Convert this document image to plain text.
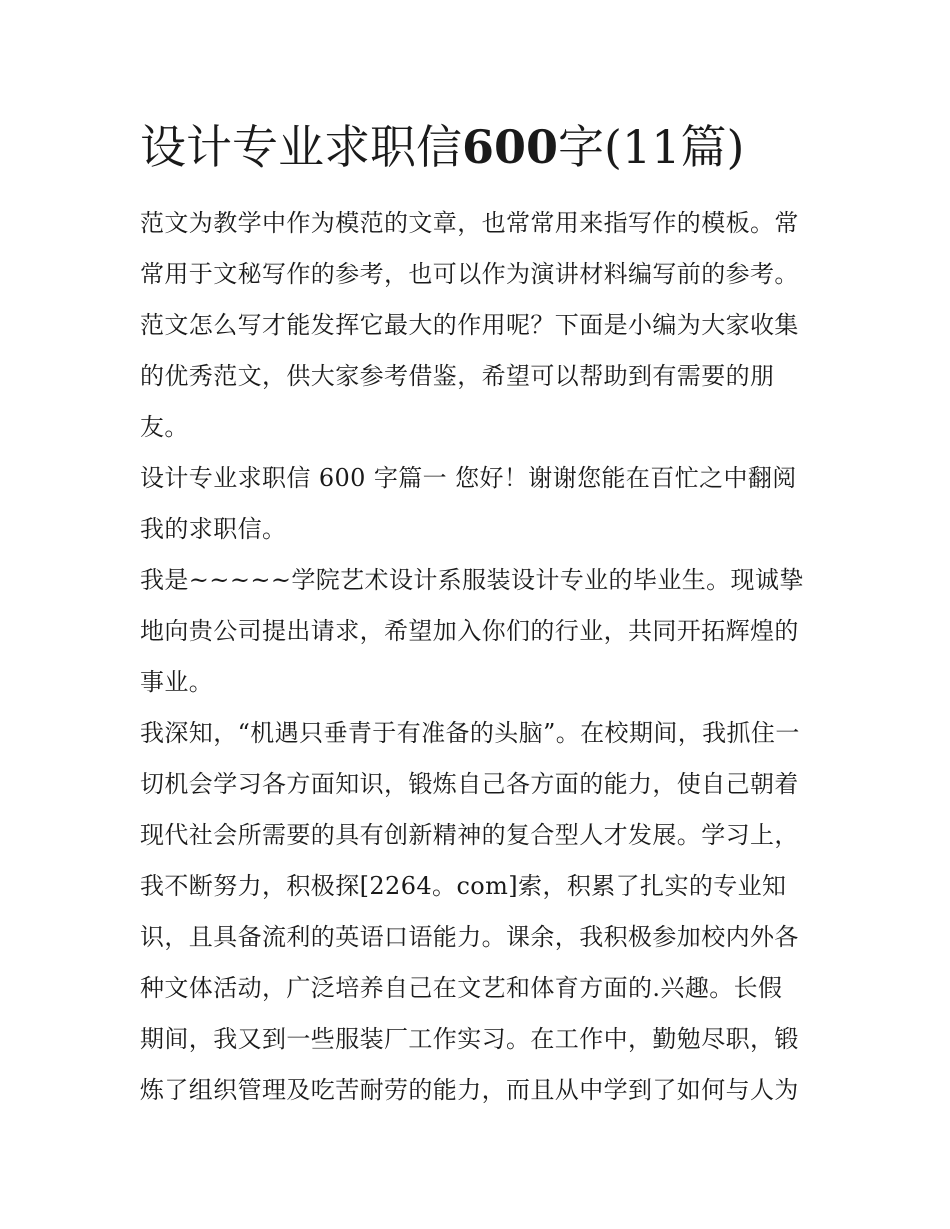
设计专业求职信600字(11篇)

范文为教学中作为模范的文章，也常常用来指写作的模板。常
常用于文秘写作的参考，也可以作为演讲材料编写前的参考。
范文怎么写才能发挥它最大的作用呢？下面是小编为大家收集
的优秀范文，供大家参考借鉴，希望可以帮助到有需要的朋
友。

设计专业求职信 600 字篇一 您好！谢谢您能在百忙之中翻阅
我的求职信。

我是~~~~~学院艺术设计系服装设计专业的毕业生。现诚挚
地向贵公司提出请求，希望加入你们的行业，共同开拓辉煌的
事业。

我深知，“机遇只垂青于有准备的头脑”。在校期间，我抓住一
切机会学习各方面知识，锻炼自己各方面的能力，使自己朝着
现代社会所需要的具有创新精神的复合型人才发展。学习上，
我不断努力，积极探[2264。com]索，积累了扎实的专业知
识，且具备流利的英语口语能力。课余，我积极参加校内外各
种文体活动，广泛培养自己在文艺和体育方面的.兴趣。长假
期间，我又到一些服装厂工作实习。在工作中，勤勉尽职，锻
炼了组织管理及吃苦耐劳的能力，而且从中学到了如何与人为
